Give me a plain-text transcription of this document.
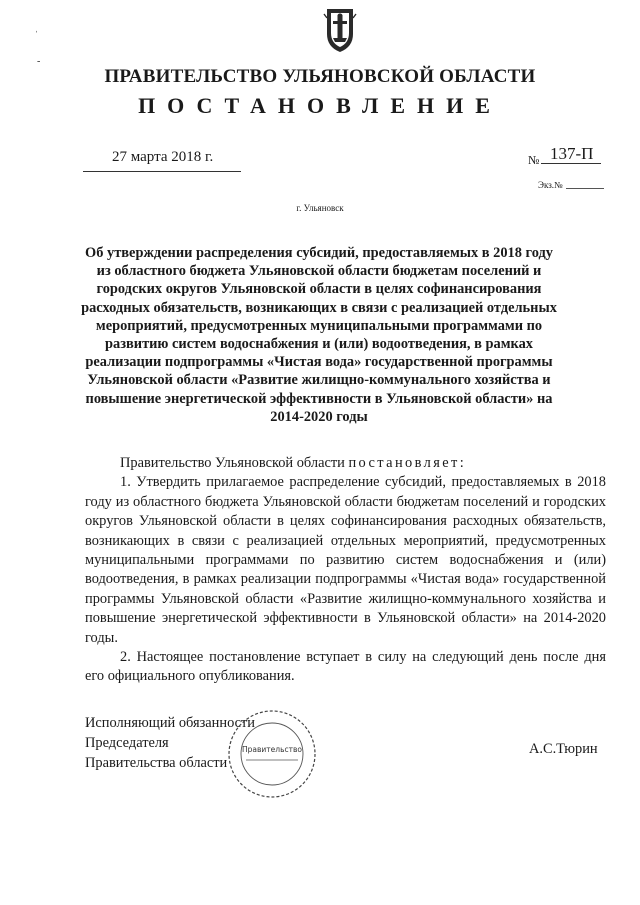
ˈ
-
ПРАВИТЕЛЬСТВО УЛЬЯНОВСКОЙ ОБЛАСТИ
ПОСТАНОВЛЕНИЕ
27 марта 2018 г.	№ 137-П
Экз.№
г. Ульяновск
Об утверждении распределения субсидий, предоставляемых в 2018 году из областного бюджета Ульяновской области бюджетам поселений и городских округов Ульяновской области в целях софинансирования расходных обязательств, возникающих в связи с реализацией отдельных мероприятий, предусмотренных муниципальными программами по развитию систем водоснабжения и (или) водоотведения, в рамках реализации подпрограммы «Чистая вода» государственной программы Ульяновской области «Развитие жилищно-коммунального хозяйства и повышение энергетической эффективности в Ульяновской области» на 2014-2020 годы
Правительство Ульяновской области постановляет:

1. Утвердить прилагаемое распределение субсидий, предоставляемых в 2018 году из областного бюджета Ульяновской области бюджетам поселений и городских округов Ульяновской области в целях софинансирования расходных обязательств, возникающих в связи с реализацией отдельных мероприятий, предусмотренных муниципальными программами по развитию систем водоснабжения и (или) водоотведения, в рамках реализации подпрограммы «Чистая вода» государственной программы Ульяновской области «Развитие жилищно-коммунального хозяйства и повышение энергетической эффективности в Ульяновской области» на 2014-2020 годы.

2. Настоящее постановление вступает в силу на следующий день после дня его официального опубликования.

Исполняющий обязанности
Председателя
Правительства области
Правительство	А.С.Тюрин
